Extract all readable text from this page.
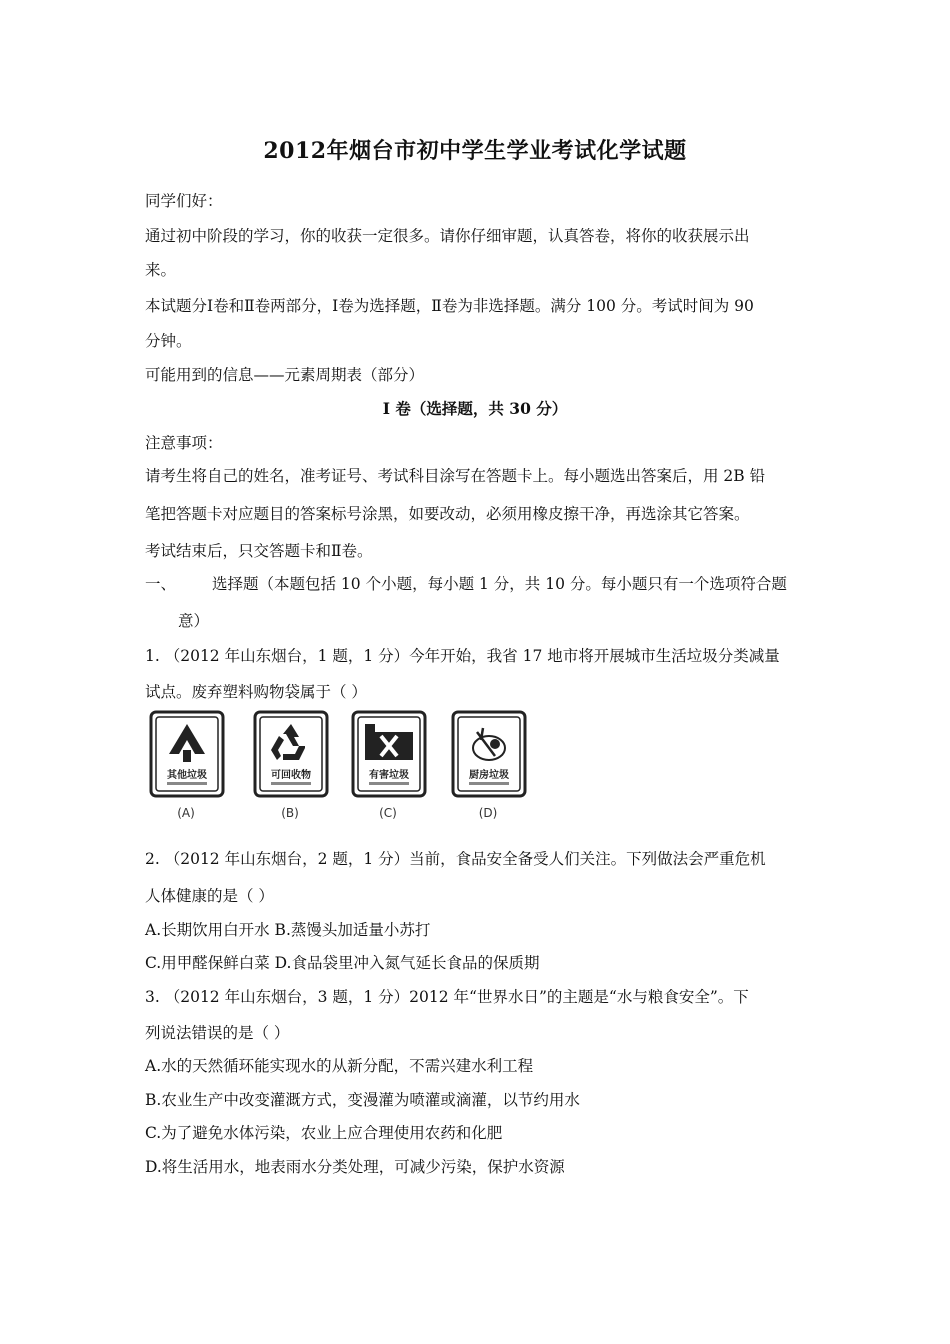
2012年烟台市初中学生学业考试化学试题
同学们好：
通过初中阶段的学习，你的收获一定很多。请你仔细审题，认真答卷，将你的收获展示出
来。
本试题分Ⅰ卷和Ⅱ卷两部分，Ⅰ卷为选择题，Ⅱ卷为非选择题。满分 100 分。考试时间为 90
分钟。
可能用到的信息——元素周期表（部分）
Ⅰ 卷（选择题，共 30 分）
注意事项：
请考生将自己的姓名，准考证号、考试科目涂写在答题卡上。每小题选出答案后，用 2B 铅
笔把答题卡对应题目的答案标号涂黑，如要改动，必须用橡皮擦干净，再选涂其它答案。
考试结束后，只交答题卡和Ⅱ卷。
一、 选择题（本题包括 10 个小题，每小题 1 分，共 10 分。每小题只有一个选项符合题
意）
1. （2012 年山东烟台，1 题，1 分）今年开始，我省 17 地市将开展城市生活垃圾分类减量
试点。废弃塑料购物袋属于（ ）
其他垃圾
(A)
可回收物
(B)
有害垃圾
(C)
厨房垃圾
(D)
2. （2012 年山东烟台，2 题，1 分）当前，食品安全备受人们关注。下列做法会严重危机
人体健康的是（ ）
A.长期饮用白开水 B.蒸馒头加适量小苏打
C.用甲醛保鲜白菜 D.食品袋里冲入氮气延长食品的保质期
3. （2012 年山东烟台，3 题，1 分）2012 年“世界水日”的主题是“水与粮食安全”。下
列说法错误的是（ ）
A.水的天然循环能实现水的从新分配，不需兴建水利工程
B.农业生产中改变灌溉方式，变漫灌为喷灌或滴灌，以节约用水
C.为了避免水体污染，农业上应合理使用农药和化肥
D.将生活用水，地表雨水分类处理，可减少污染，保护水资源
